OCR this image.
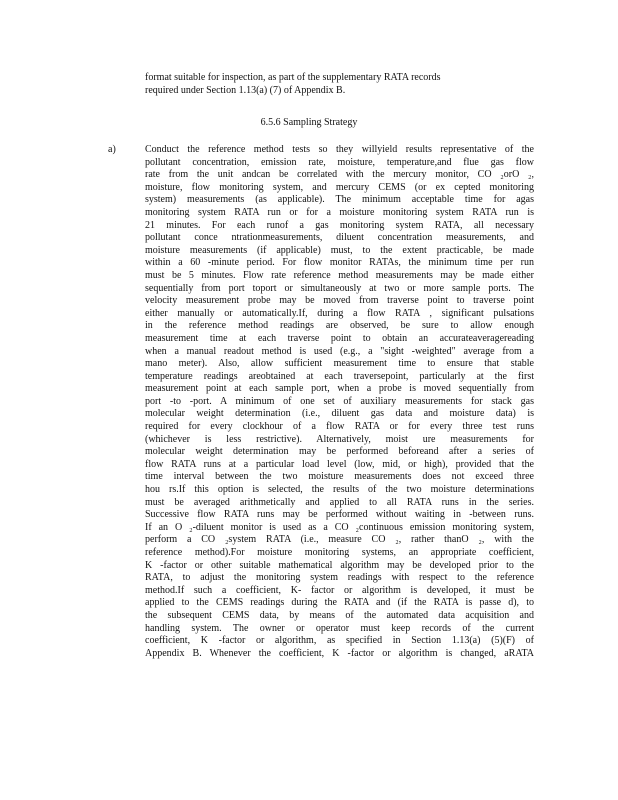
format suitable for inspection, as part of the supplementary RATA records
required under Section 1.13(a) (7) of Appendix B.
6.5.6 Sampling Strategy
a)	Conduct the reference method tests so they willyield results representative of the
pollutant concentration, emission rate, moisture, temperature,and flue gas flow
rate from the unit andcan be correlated with the mercury monitor, CO ₂orO ₂,
moisture, flow monitoring system, and mercury CEMS (or ex cepted monitoring
system) measurements (as applicable). The minimum acceptable time for agas
monitoring system RATA run or for a moisture monitoring system RATA run is
21 minutes. For each runof a gas monitoring system RATA, all necessary
pollutant conce ntrationmeasurements, diluent concentration measurements, and
moisture measurements (if applicable) must, to the extent practicable, be made
within a 60 -minute period. For flow monitor RATAs, the minimum time per run
must be 5 minutes. Flow rate reference method measurements may be made either
sequentially from port toport or simultaneously at two or more sample ports. The
velocity measurement probe may be moved from traverse point to traverse point
either manually or automatically.If, during a flow RATA , significant pulsations
in the reference method readings are observed, be sure to allow enough
measurement time at each traverse point to obtain an accurateaveragereading
when a manual readout method is used (e.g., a "sight -weighted" average from a
mano meter). Also, allow sufficient measurement time to ensure that stable
temperature readings areobtained at each traversepoint, particularly at the first
measurement point at each sample port, when a probe is moved sequentially from
port -to -port. A minimum of one set of auxiliary measurements for stack gas
molecular weight determination (i.e., diluent gas data and moisture data) is
required for every clockhour of a flow RATA or for every three test runs
(whichever is less restrictive). Alternatively, moist ure measurements for
molecular weight determination may be performed beforeand after a series of
flow RATA runs at a particular load level (low, mid, or high), provided that the
time interval between the two moisture measurements does not exceed three
hou rs.If this option is selected, the results of the two moisture determinations
must be averaged arithmetically and applied to all RATA runs in the series.
Successive flow RATA runs may be performed without waiting in -between runs.
If an O ₂-diluent monitor is used as a CO ₂continuous emission monitoring system,
perform a CO ₂system RATA (i.e., measure CO ₂, rather thanO ₂, with the
reference method).For moisture monitoring systems, an appropriate coefficient,
K -factor or other suitable mathematical algorithm may be developed prior to the
RATA, to adjust the monitoring system readings with respect to the reference
method.If such a coefficient, K- factor or algorithm is developed, it must be
applied to the CEMS readings during the RATA and (if the RATA is passe d), to
the subsequent CEMS data, by means of the automated data acquisition and
handling system. The owner or operator must keep records of the current
coefficient, K -factor or algorithm, as specified in Section 1.13(a) (5)(F) of
Appendix B. Whenever the coefficient, K -factor or algorithm is changed, aRATA
